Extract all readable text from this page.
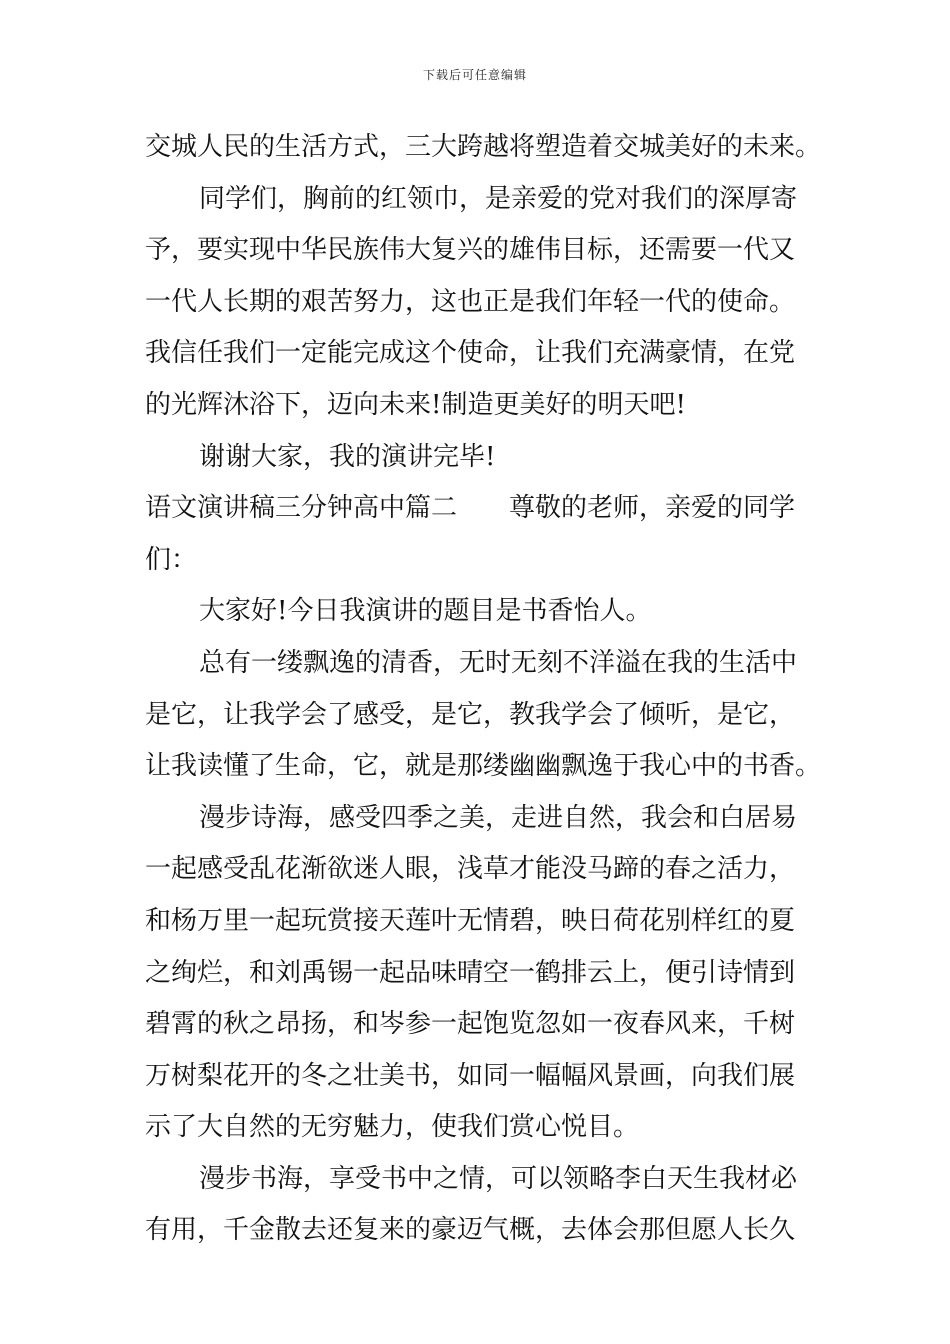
下载后可任意编辑
交城人民的生活方式，三大跨越将塑造着交城美好的未来。
同学们，胸前的红领巾，是亲爱的党对我们的深厚寄
予，要实现中华民族伟大复兴的雄伟目标，还需要一代又
一代人长期的艰苦努力，这也正是我们年轻一代的使命。
我信任我们一定能完成这个使命，让我们充满豪情，在党
的光辉沐浴下，迈向未来!制造更美好的明天吧!
谢谢大家，我的演讲完毕!
语文演讲稿三分钟高中篇二 尊敬的老师，亲爱的同学
们：
大家好!今日我演讲的题目是书香怡人。
总有一缕飘逸的清香，无时无刻不洋溢在我的生活中
是它，让我学会了感受，是它，教我学会了倾听，是它，
让我读懂了生命，它，就是那缕幽幽飘逸于我心中的书香。
漫步诗海，感受四季之美，走进自然，我会和白居易
一起感受乱花渐欲迷人眼，浅草才能没马蹄的春之活力，
和杨万里一起玩赏接天莲叶无情碧，映日荷花别样红的夏
之绚烂，和刘禹锡一起品味晴空一鹤排云上，便引诗情到
碧霄的秋之昂扬，和岑参一起饱览忽如一夜春风来，千树
万树梨花开的冬之壮美书，如同一幅幅风景画，向我们展
示了大自然的无穷魅力，使我们赏心悦目。
漫步书海，享受书中之情，可以领略李白天生我材必
有用，千金散去还复来的豪迈气概，去体会那但愿人长久
